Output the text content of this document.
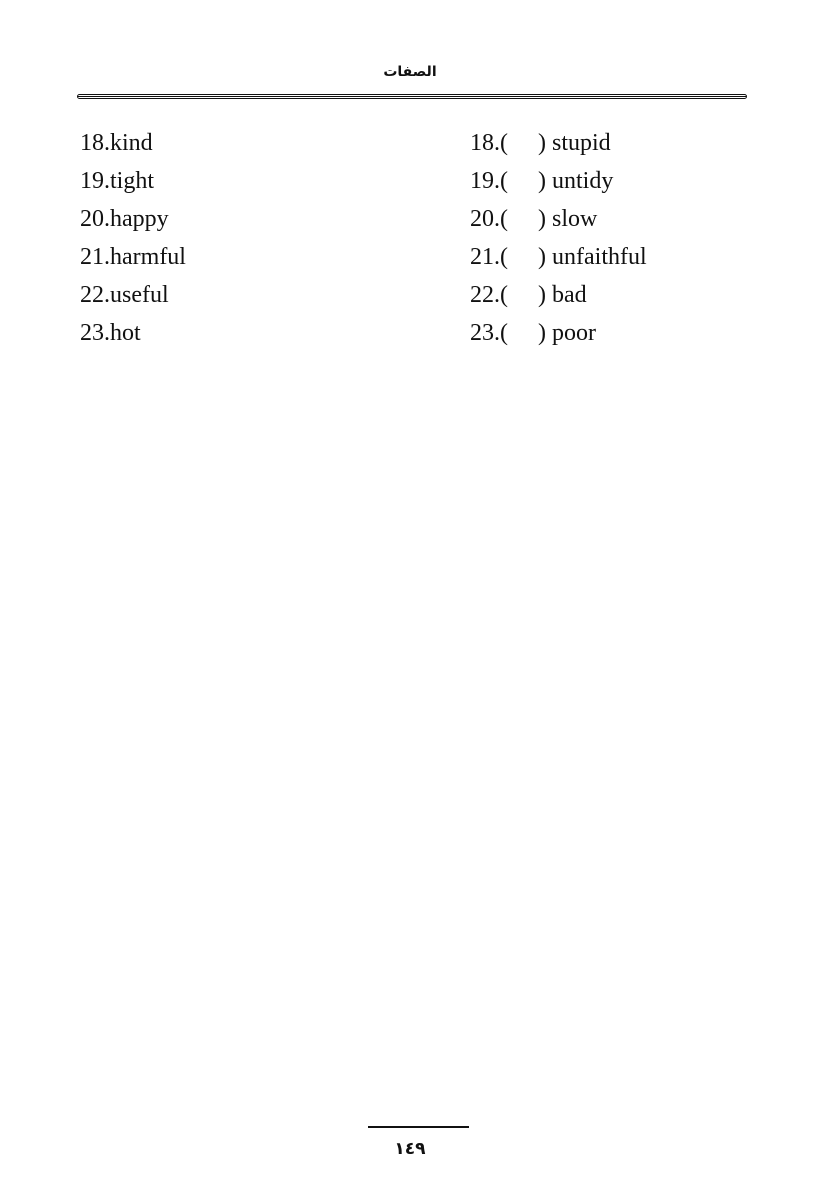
الصفات
18.kind
19.tight
20.happy
21.harmful
22.useful
23.hot
18.( ) stupid
19.( ) untidy
20.( ) slow
21.( ) unfaithful
22.( ) bad
23.( ) poor
١٤٩
